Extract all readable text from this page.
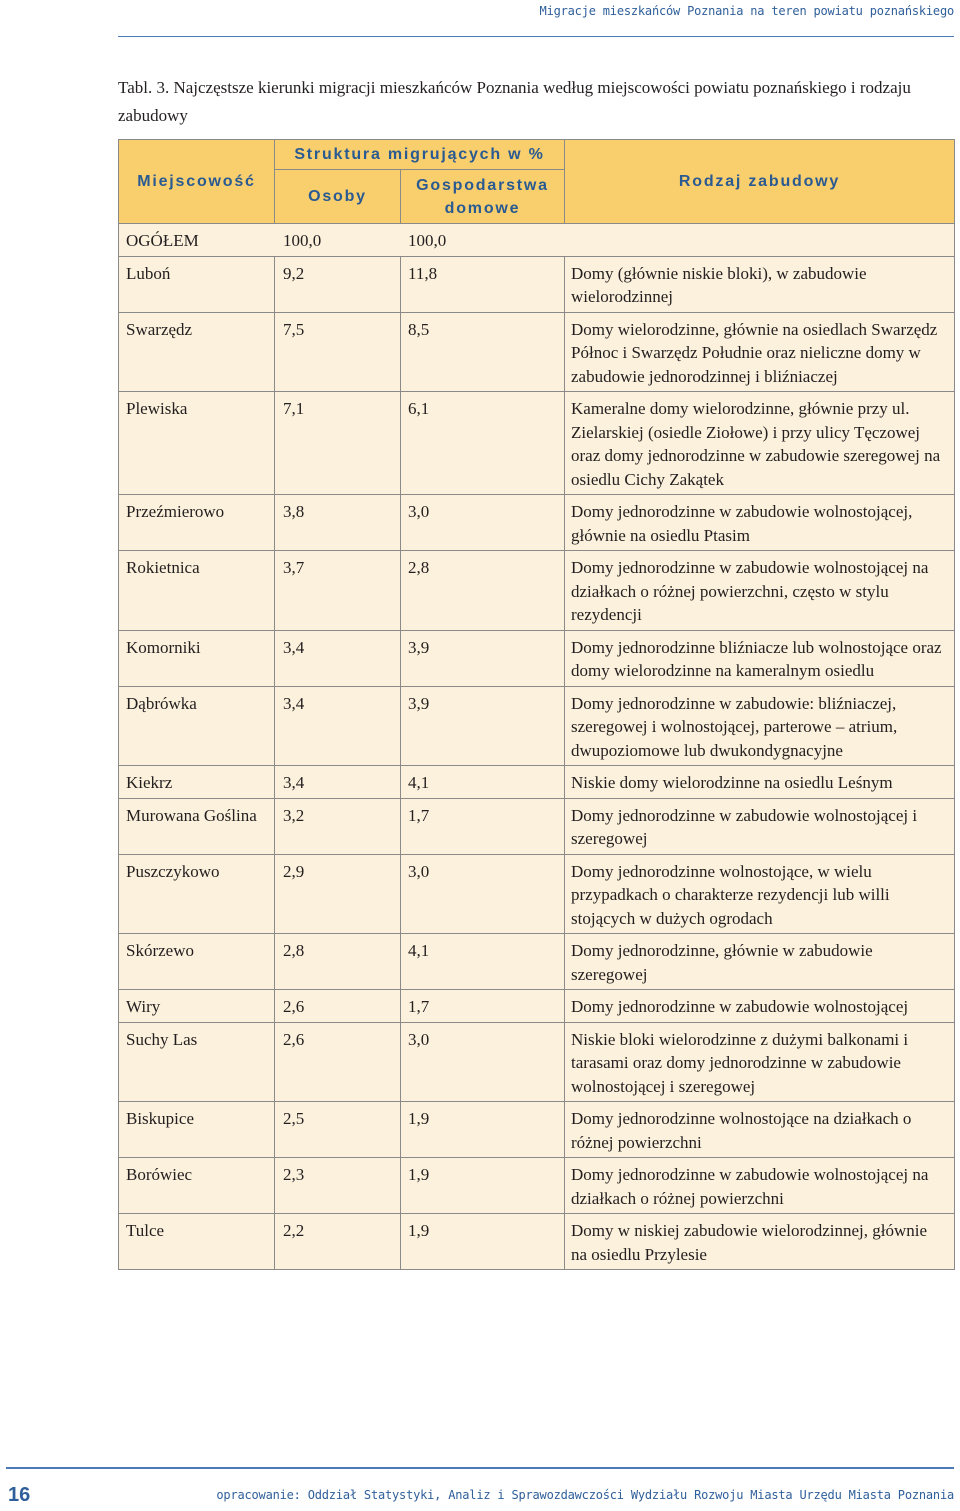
Migracje mieszkańców Poznania na teren powiatu poznańskiego
Tabl. 3. Najczęstsze kierunki migracji mieszkańców Poznania według miejscowości powiatu poznańskiego i rodzaju zabudowy
Miejscowość	Struktura migrujących w %		Rodzaj zabudowy
	Osoby	Gospodarstwa domowe	
OGÓŁEM	100,0	100,0	
Luboń	9,2	11,8	Domy (głównie niskie bloki), w zabudowie wielorodzinnej
Swarzędz	7,5	8,5	Domy wielorodzinne, głównie na osiedlach Swarzędz Północ i Swarzędz Południe oraz nieliczne domy w zabudowie jednorodzinnej i bliźniaczej
Plewiska	7,1	6,1	Kameralne domy wielorodzinne, głównie przy ul. Zielarskiej (osiedle Ziołowe) i przy ulicy Tęczowej oraz domy jednorodzinne w zabudowie szeregowej na osiedlu Cichy Zakątek
Przeźmierowo	3,8	3,0	Domy jednorodzinne w zabudowie wolnostojącej, głównie na osiedlu Ptasim
Rokietnica	3,7	2,8	Domy jednorodzinne w zabudowie wolnostojącej na działkach o różnej powierzchni, często w stylu rezydencji
Komorniki	3,4	3,9	Domy jednorodzinne bliźniacze lub wolnostojące oraz domy wielorodzinne na kameralnym osiedlu
Dąbrówka	3,4	3,9	Domy jednorodzinne w zabudowie: bliźniaczej, szeregowej i wolnostojącej, parterowe – atrium, dwupoziomowe lub dwukondygnacyjne
Kiekrz	3,4	4,1	Niskie domy wielorodzinne na osiedlu Leśnym
Murowana Goślina	3,2	1,7	Domy jednorodzinne w zabudowie wolnostojącej i szeregowej
Puszczykowo	2,9	3,0	Domy jednorodzinne wolnostojące, w wielu przypadkach o charakterze rezydencji lub willi stojących w dużych ogrodach
Skórzewo	2,8	4,1	Domy jednorodzinne, głównie w zabudowie szeregowej
Wiry	2,6	1,7	Domy jednorodzinne w zabudowie wolnostojącej
Suchy Las	2,6	3,0	Niskie bloki wielorodzinne z dużymi balkonami i tarasami oraz domy jednorodzinne w zabudowie wolnostojącej i szeregowej
Biskupice	2,5	1,9	Domy jednorodzinne wolnostojące na działkach o różnej powierzchni
Borówiec	2,3	1,9	Domy jednorodzinne w zabudowie wolnostojącej na działkach o różnej powierzchni
Tulce	2,2	1,9	Domy w niskiej zabudowie wielorodzinnej, głównie na osiedlu Przylesie
16	opracowanie: Oddział Statystyki, Analiz i Sprawozdawczości Wydziału Rozwoju Miasta Urzędu Miasta Poznania
